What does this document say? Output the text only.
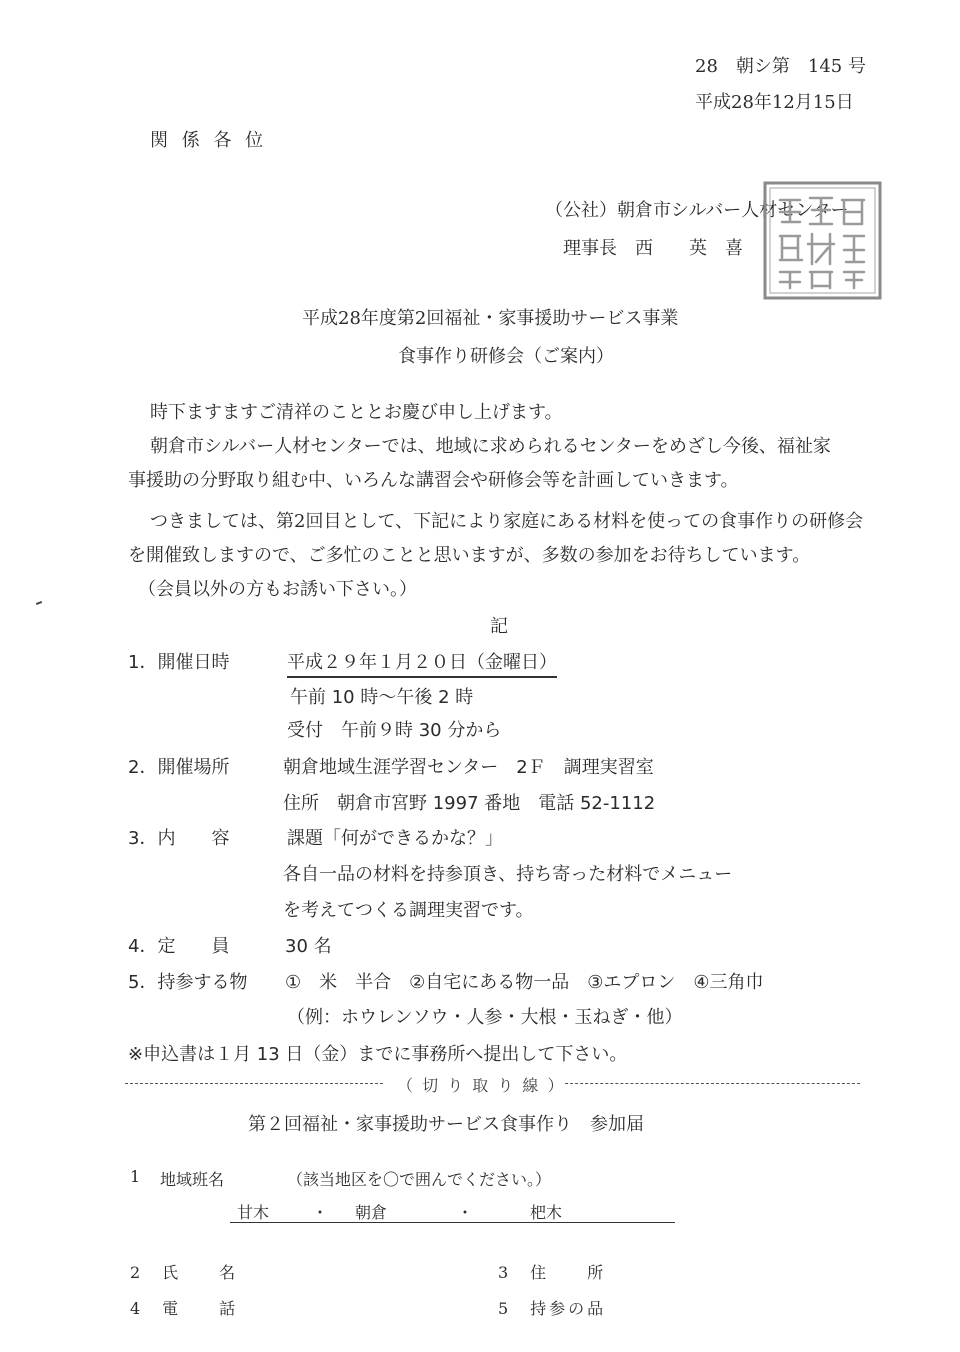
28　朝シ第　145 号
平成28年12月15日
関 係 各 位
（公社）朝倉市シルバー人材センター
理事長　西　　英　喜
平成28年度第2回福祉・家事援助サービス事業
食事作り研修会（ご案内）
時下ますますご清祥のこととお慶び申し上げます。
朝倉市シルバー人材センターでは、地域に求められるセンターをめざし今後、福祉家
事援助の分野取り組む中、いろんな講習会や研修会等を計画していきます。
つきましては、第2回目として、下記により家庭にある材料を使っての食事作りの研修会
を開催致しますので、ご多忙のことと思いますが、多数の参加をお待ちしています。
（会員以外の方もお誘い下さい。）
記
1．開催日時	平成２９年１月２０日（金曜日）
午前 10 時～午後 2 時
受付　午前９時 30 分から
2．開催場所	朝倉地域生涯学習センター　2Ｆ　調理実習室
住所　朝倉市宮野 1997 番地　電話 52-1112
3．内　　容	課題「何ができるかな？」
各自一品の材料を持参頂き、持ち寄った材料でメニュー
を考えてつくる調理実習です。
4．定　　員	30 名
5．持参する物 ①　米　半合　②自宅にある物一品　③エプロン　④三角巾
（例：ホウレンソウ・人参・大根・玉ねぎ・他）
※申込書は１月 13 日（金）までに事務所へ提出して下さい。
（ 切 り 取 り 線 ）
第２回福祉・家事援助サービス食事作り　参加届
1 地域班名	（該当地区を〇で囲んでください。）
甘木	・ 朝倉	・	杷木
2　氏　　名	3　住　　所
4　電　　話	5　持参の品
